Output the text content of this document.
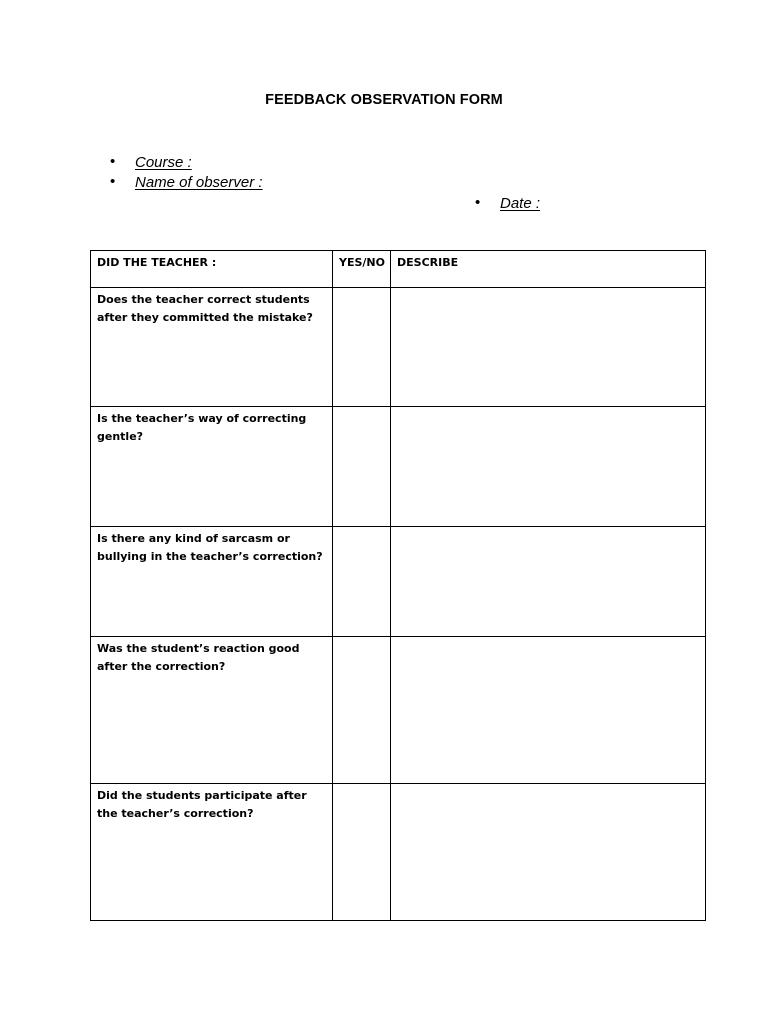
FEEDBACK OBSERVATION FORM
• Course :
• Name of observer :
• Date :
DID THE TEACHER :	YES/NO	DESCRIBE
Does the teacher correct students after they committed the mistake?		
Is the teacher’s way of correcting gentle?		
Is there any kind of sarcasm or bullying in the teacher’s correction?		
Was the student’s reaction good after the correction?		
Did the students participate after the teacher’s correction?		
